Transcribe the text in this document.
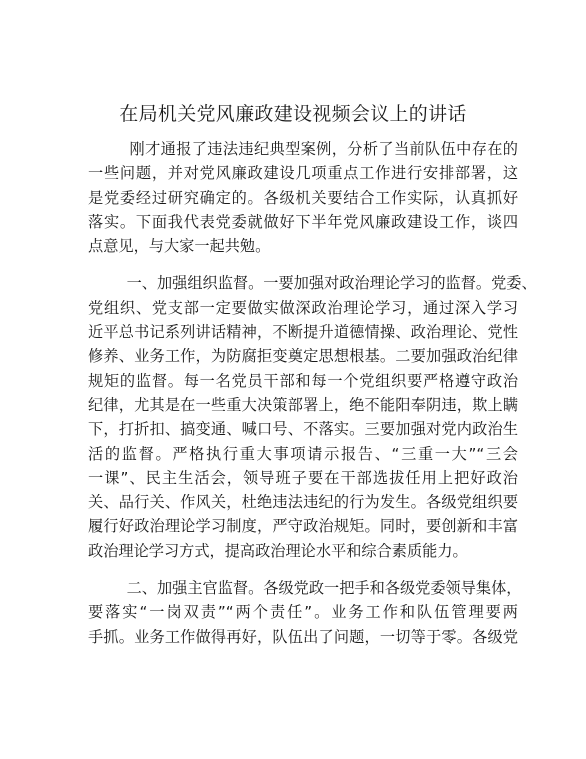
在局机关党风廉政建设视频会议上的讲话
刚才通报了违法违纪典型案例，分析了当前队伍中存在的
一些问题，并对党风廉政建设几项重点工作进行安排部署，这
是党委经过研究确定的。各级机关要结合工作实际，认真抓好
落实。下面我代表党委就做好下半年党风廉政建设工作，谈四
点意见，与大家一起共勉。
一、加强组织监督。一要加强对政治理论学习的监督。党委、
党组织、党支部一定要做实做深政治理论学习，通过深入学习
近平总书记系列讲话精神，不断提升道德情操、政治理论、党性
修养、业务工作，为防腐拒变奠定思想根基。二要加强政治纪律
规矩的监督。每一名党员干部和每一个党组织要严格遵守政治
纪律，尤其是在一些重大决策部署上，绝不能阳奉阴违，欺上瞒
下，打折扣、搞变通、喊口号、不落实。三要加强对党内政治生
活的监督。严格执行重大事项请示报告、“三重一大”“三会
一课”、民主生活会，领导班子要在干部选拔任用上把好政治
关、品行关、作风关，杜绝违法违纪的行为发生。各级党组织要
履行好政治理论学习制度，严守政治规矩。同时，要创新和丰富
政治理论学习方式，提高政治理论水平和综合素质能力。
二、加强主官监督。各级党政一把手和各级党委领导集体，
要落实“一岗双责”“两个责任”。业务工作和队伍管理要两
手抓。业务工作做得再好，队伍出了问题，一切等于零。各级党
